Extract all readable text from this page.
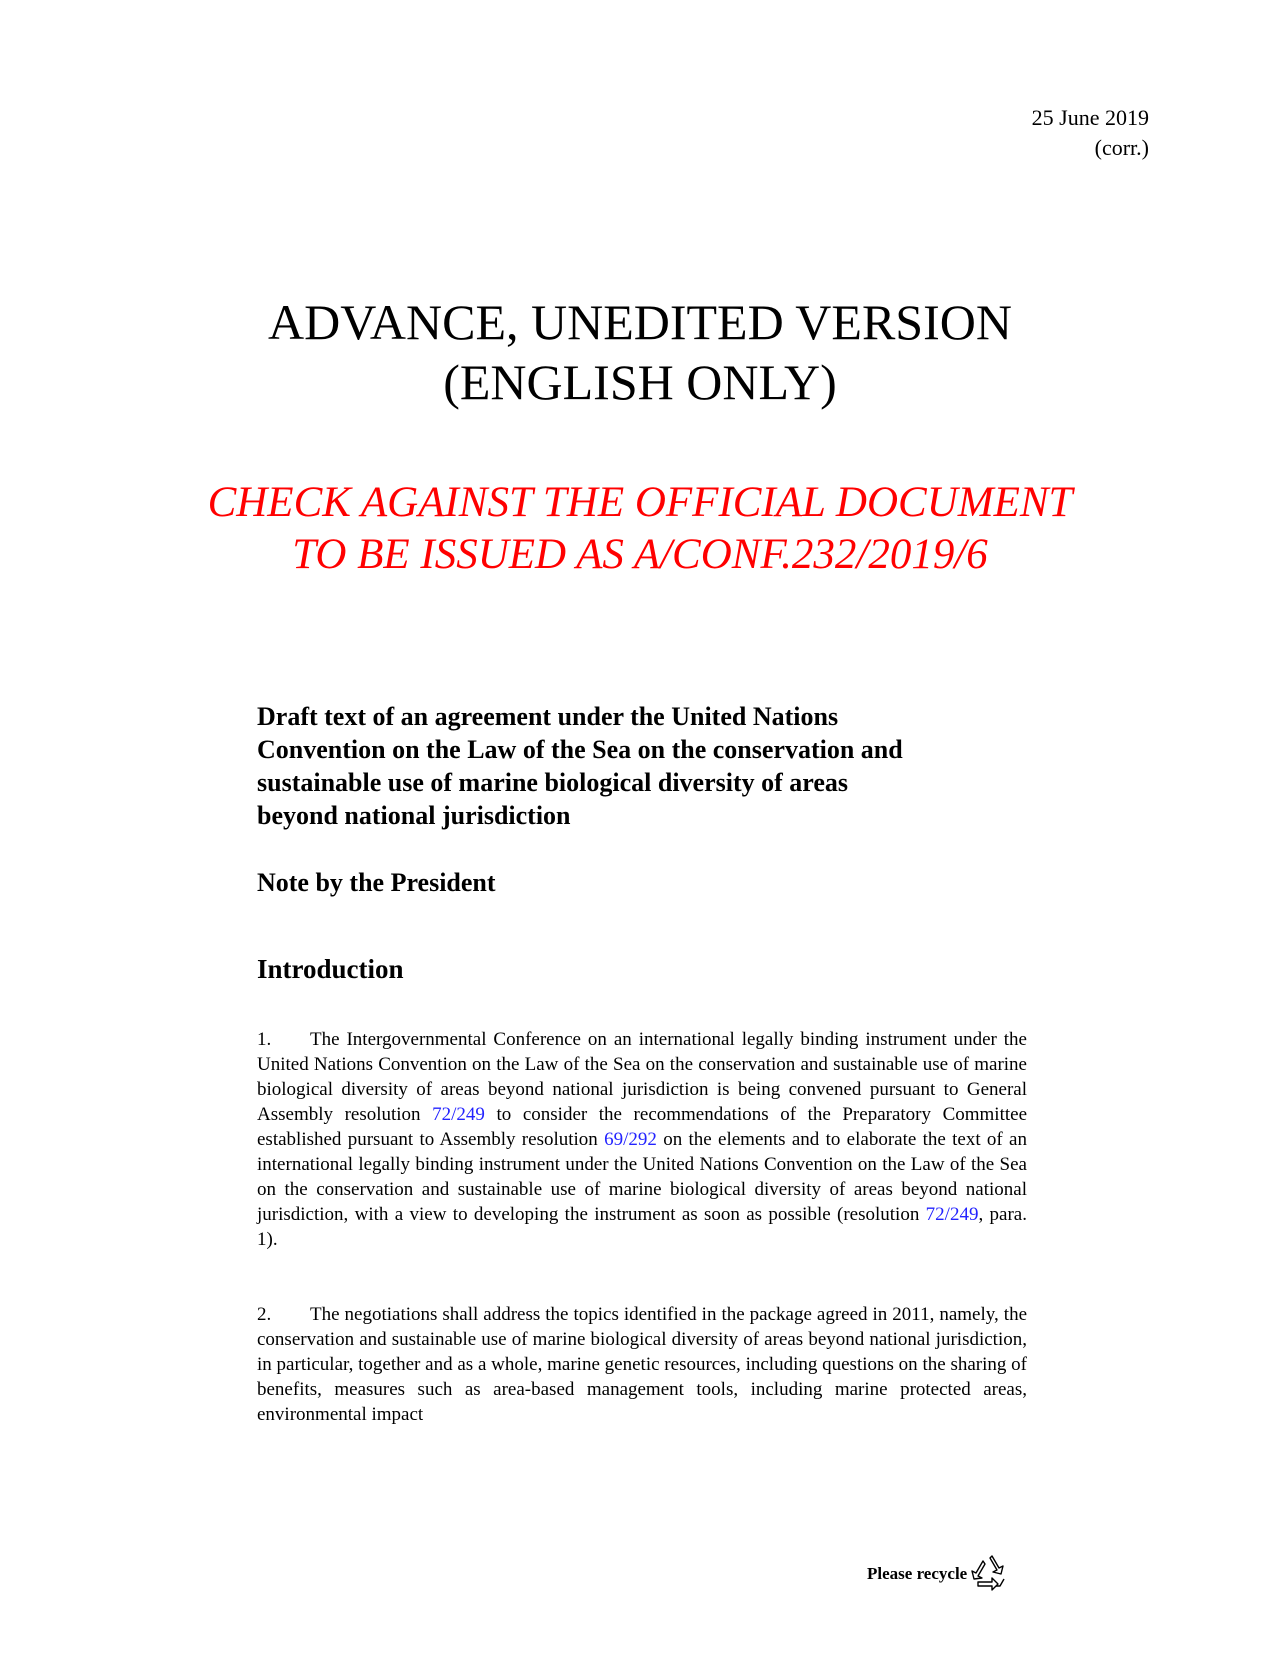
25 June 2019
(corr.)
ADVANCE, UNEDITED VERSION
(ENGLISH ONLY)
CHECK AGAINST THE OFFICIAL DOCUMENT
TO BE ISSUED AS A/CONF.232/2019/6
Draft text of an agreement under the United Nations
Convention on the Law of the Sea on the conservation and
sustainable use of marine biological diversity of areas
beyond national jurisdiction
Note by the President
Introduction
1. The Intergovernmental Conference on an international legally binding instrument under the United Nations Convention on the Law of the Sea on the conservation and sustainable use of marine biological diversity of areas beyond national jurisdiction is being convened pursuant to General Assembly resolution 72/249 to consider the recommendations of the Preparatory Committee established pursuant to Assembly resolution 69/292 on the elements and to elaborate the text of an international legally binding instrument under the United Nations Convention on the Law of the Sea on the conservation and sustainable use of marine biological diversity of areas beyond national jurisdiction, with a view to developing the instrument as soon as possible (resolution 72/249, para. 1).
2. The negotiations shall address the topics identified in the package agreed in 2011, namely, the conservation and sustainable use of marine biological diversity of areas beyond national jurisdiction, in particular, together and as a whole, marine genetic resources, including questions on the sharing of benefits, measures such as area-based management tools, including marine protected areas, environmental impact
Please recycle
